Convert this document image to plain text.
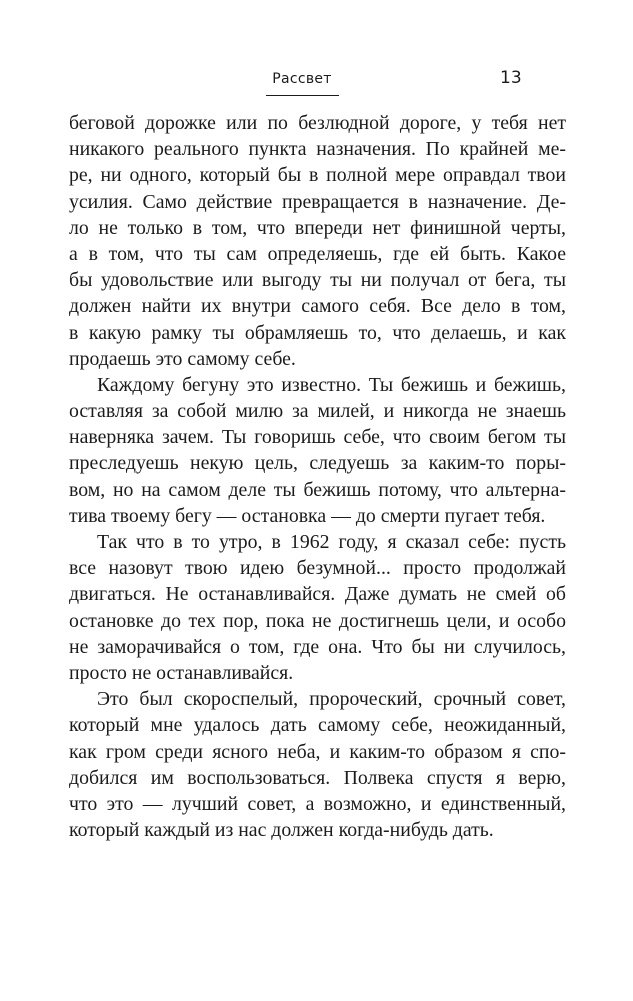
Рассвет	13
беговой дорожке или по безлюдной дороге, у тебя нет
никакого реального пункта назначения. По крайней ме-
ре, ни одного, который бы в полной мере оправдал твои
усилия. Само действие превращается в назначение. Де-
ло не только в том, что впереди нет финишной черты,
а в том, что ты сам определяешь, где ей быть. Какое
бы удовольствие или выгоду ты ни получал от бега, ты
должен найти их внутри самого себя. Все дело в том,
в какую рамку ты обрамляешь то, что делаешь, и как
продаешь это самому себе.
Каждому бегуну это известно. Ты бежишь и бежишь,
оставляя за собой милю за милей, и никогда не знаешь
наверняка зачем. Ты говоришь себе, что своим бегом ты
преследуешь некую цель, следуешь за каким-то поры-
вом, но на самом деле ты бежишь потому, что альтерна-
тива твоему бегу — остановка — до смерти пугает тебя.
Так что в то утро, в 1962 году, я сказал себе: пусть
все назовут твою идею безумной... просто продолжай
двигаться. Не останавливайся. Даже думать не смей об
остановке до тех пор, пока не достигнешь цели, и особо
не заморачивайся о том, где она. Что бы ни случилось,
просто не останавливайся.
Это был скороспелый, пророческий, срочный совет,
который мне удалось дать самому себе, неожиданный,
как гром среди ясного неба, и каким-то образом я спо-
добился им воспользоваться. Полвека спустя я верю,
что это — лучший совет, а возможно, и единственный,
который каждый из нас должен когда-нибудь дать.
